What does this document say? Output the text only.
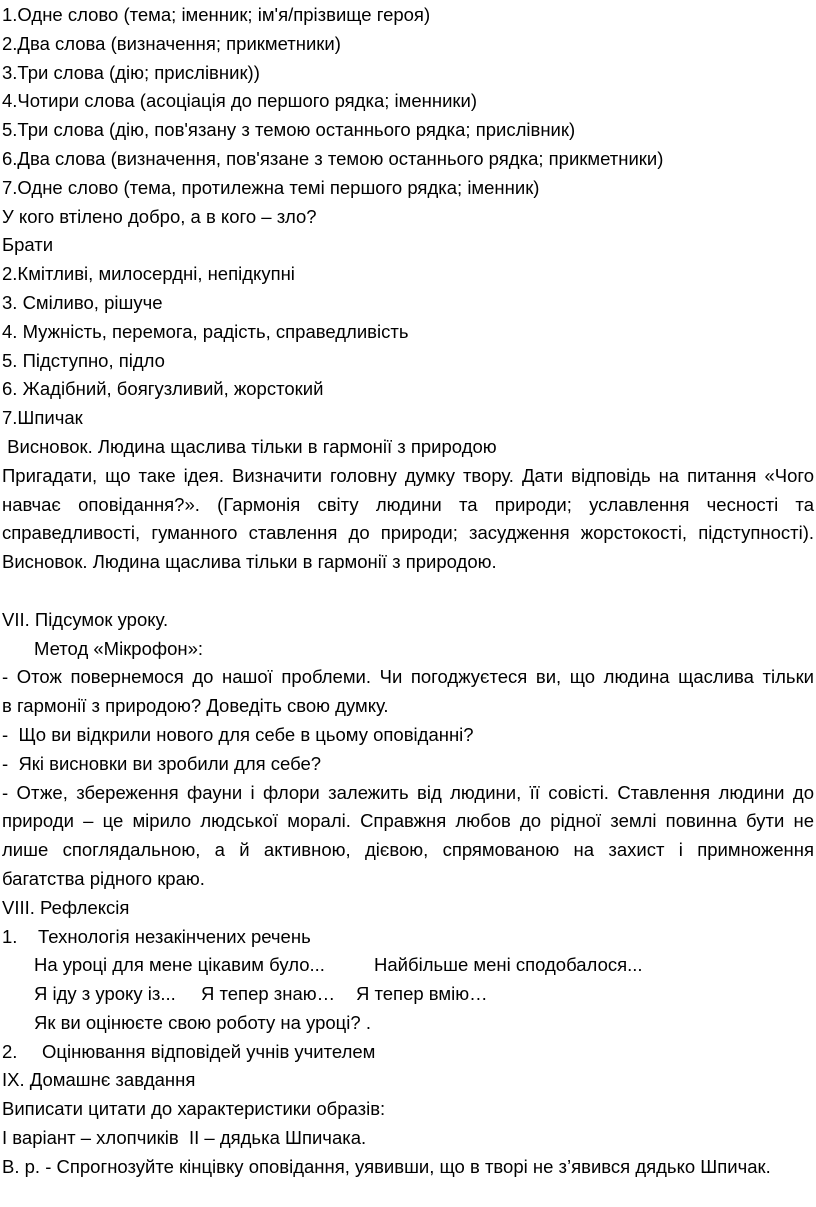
1.Одне слово (тема; іменник; ім'я/прізвище героя)
2.Два слова (визначення; прикметники)
3.Три слова (дію; прислівник))
4.Чотири слова (асоціація до першого рядка; іменники)
5.Три слова (дію, пов'язану з темою останнього рядка; прислівник)
6.Два слова (визначення, пов'язане з темою останнього рядка; прикметники)
7.Одне слово (тема, протилежна темі першого рядка; іменник)
У кого втілено добро, а в кого – зло?
Брати
2.Кмітливі, милосердні, непідкупні
3. Сміливо, рішуче
4. Мужність, перемога, радість, справедливість
5. Підступно, підло
6. Жадібний, боягузливий, жорстокий
7.Шпичак
Висновок. Людина щаслива тільки в гармонії з природою
Пригадати, що таке ідея. Визначити головну думку твору. Дати відповідь на питання «Чого
навчає оповідання?». (Гармонія світу людини та природи; уславлення чесності та
справедливості, гуманного ставлення до природи; засудження жорстокості, підступності).
Висновок. Людина щаслива тільки в гармонії з природою.
VII. Підсумок уроку.
Метод «Мікрофон»:
- Отож повернемося до нашої проблеми. Чи погоджуєтеся ви, що людина щаслива тільки
в гармонії з природою? Доведіть свою думку.
-  Що ви відкрили нового для себе в цьому оповіданні?
-  Які висновки ви зробили для себе?
- Отже, збереження фауни і флори залежить від людини, її совісті. Ставлення людини до
природи – це мірило людської моралі. Справжня любов до рідної землі повинна бути не
лише споглядальною, а й активною, дієвою, спрямованою на захист і примноження
багатства рідного краю.
VIII. Рефлексія
1. Технологія незакінчених речень
На уроці для мене цікавим було...	Найбільше мені сподобалося...
Я іду з уроку із... Я тепер знаю… Я тепер вмію…
Як ви оцінюєте свою роботу на уроці? .
2. Оцінювання відповідей учнів учителем
IX. Домашнє завдання
Виписати цитати до характеристики образів:
І варіант – хлопчиків  ІІ – дядька Шпичака.
В. р. - Спрогнозуйте кінцівку оповідання, уявивши, що в творі не з’явився дядько Шпичак.
